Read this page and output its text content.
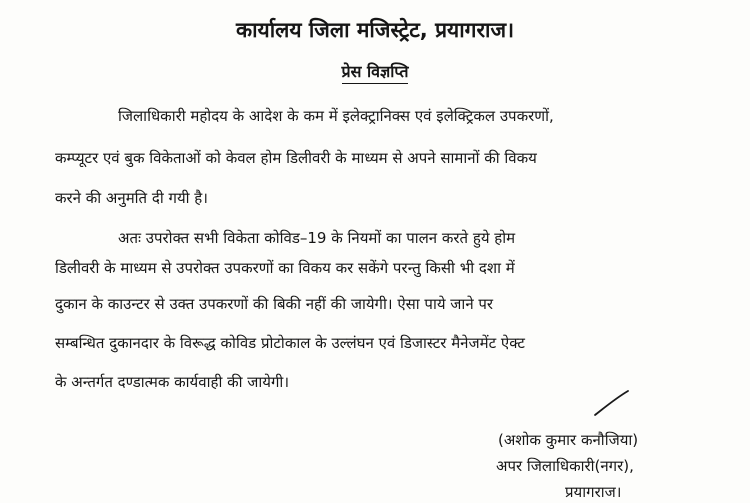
कार्यालय जिला मजिस्ट्रेट, प्रयागराज।
प्रेस विज्ञप्ति
जिलाधिकारी महोदय के आदेश के कम में इलेक्ट्रानिक्स एवं इलेक्ट्रिकल उपकरणों,
कम्प्यूटर एवं बुक विकेताओं को केवल होम डिलीवरी के माध्यम से अपने सामानों की विकय
करने की अनुमति दी गयी है।
अतः उपरोक्त सभी विकेता कोविड–19 के नियमों का पालन करते हुये होम
डिलीवरी के माध्यम से उपरोक्त उपकरणों का विकय कर सकेंगे परन्तु किसी भी दशा में
दुकान के काउन्टर से उक्त उपकरणों की बिकी नहीं की जायेगी। ऐसा पाये जाने पर
सम्बन्धित दुकानदार के विरूद्ध कोविड प्रोटोकाल के उल्लंघन एवं डिजास्टर मैनेजमेंट ऐक्ट
के अन्तर्गत दण्डात्मक कार्यवाही की जायेगी।
(अशोक कुमार कनौजिया)
अपर जिलाधिकारी(नगर),
प्रयागराज।
